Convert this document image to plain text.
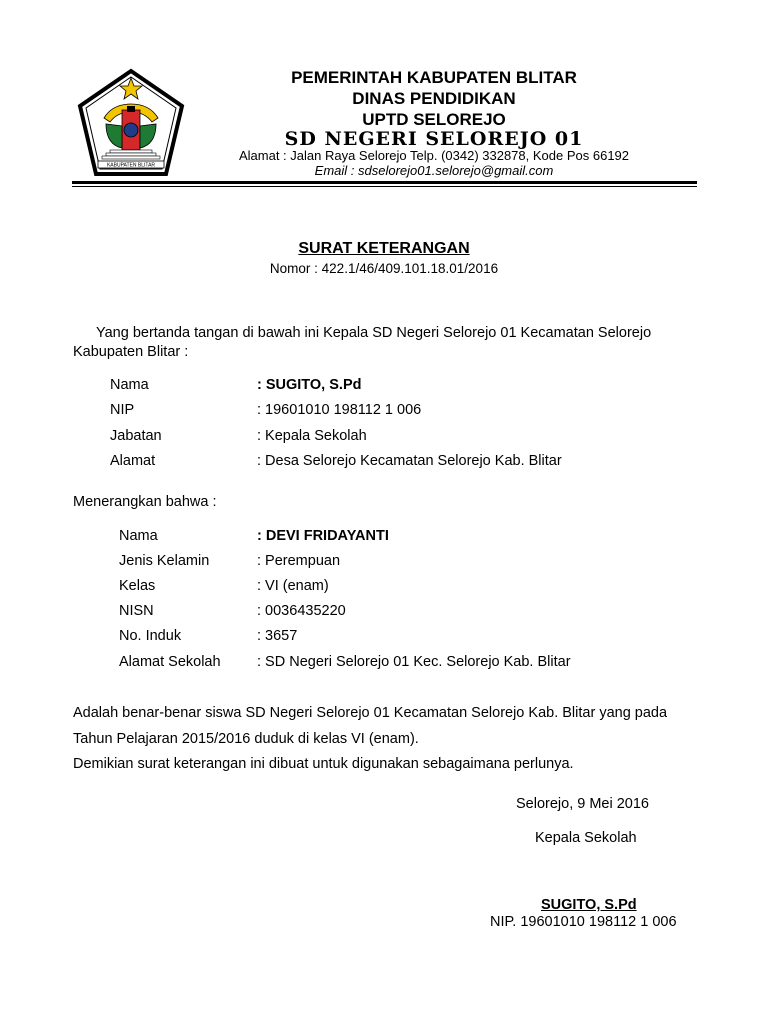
KABUPATEN BLITAR
PEMERINTAH KABUPATEN BLITAR
DINAS PENDIDIKAN
UPTD SELOREJO
SD NEGERI SELOREJO 01
Alamat : Jalan Raya Selorejo Telp. (0342) 332878, Kode Pos 66192
Email : sdselorejo01.selorejo@gmail.com
SURAT KETERANGAN
Nomor : 422.1/46/409.101.18.01/2016
Yang bertanda tangan di bawah ini Kepala SD Negeri Selorejo 01 Kecamatan Selorejo
Kabupaten Blitar :
Nama	: SUGITO, S.Pd
NIP	: 19601010 198112 1 006
Jabatan	: Kepala Sekolah
Alamat	: Desa Selorejo Kecamatan Selorejo Kab. Blitar
Menerangkan bahwa :
Nama	: DEVI FRIDAYANTI
Jenis Kelamin	: Perempuan
Kelas	: VI (enam)
NISN	: 0036435220
No. Induk	: 3657
Alamat Sekolah	: SD Negeri Selorejo 01 Kec. Selorejo Kab. Blitar
Adalah benar-benar siswa SD Negeri Selorejo 01 Kecamatan Selorejo Kab. Blitar yang pada
Tahun Pelajaran 2015/2016 duduk di kelas VI (enam).
Demikian surat keterangan ini dibuat untuk digunakan sebagaimana perlunya.
Selorejo, 9 Mei 2016
Kepala Sekolah
SUGITO, S.Pd
NIP. 19601010 198112 1 006
